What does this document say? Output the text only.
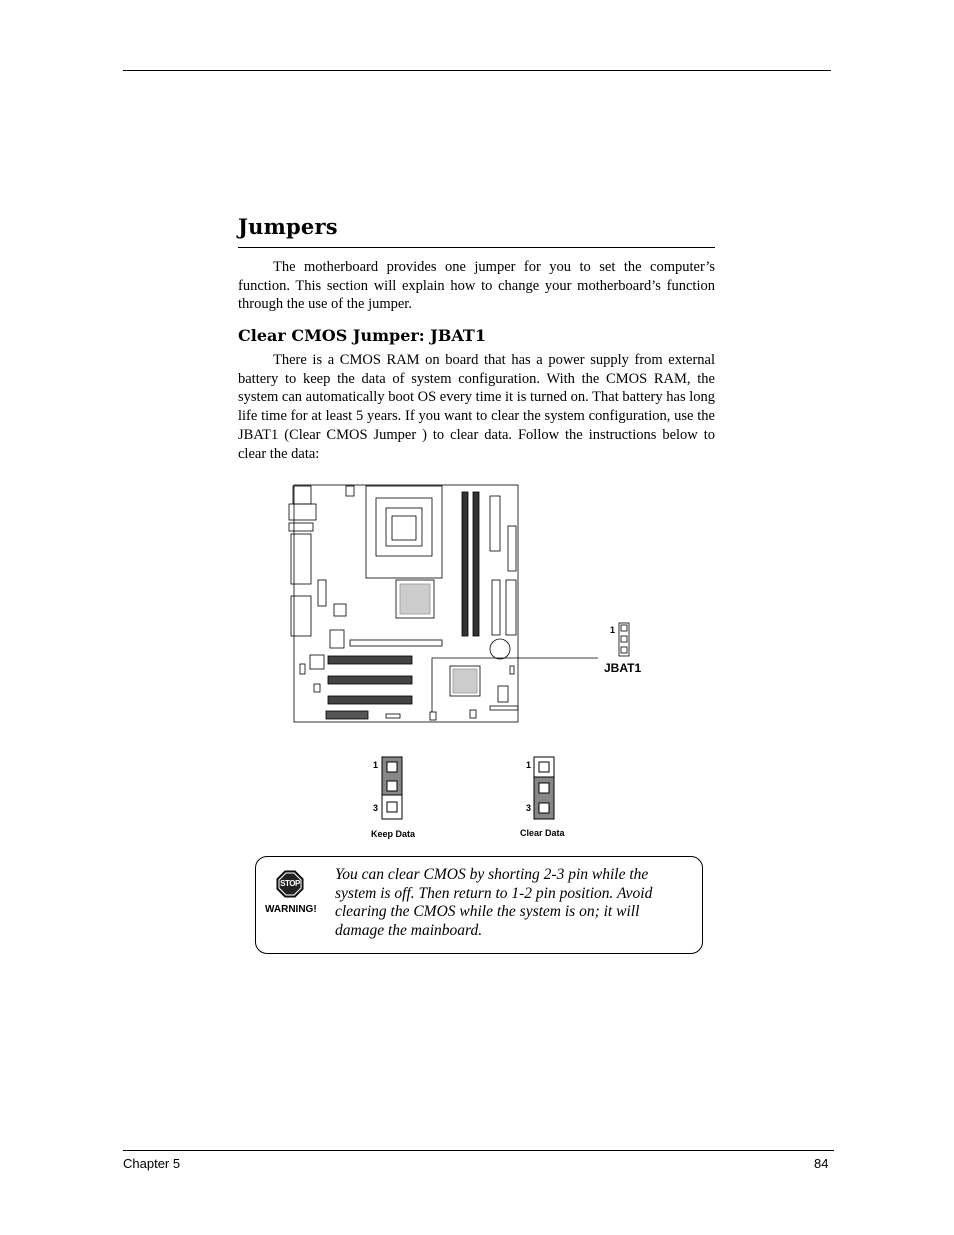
Jumpers

The motherboard provides one jumper for you to set the computer’s function. This section will explain how to change your motherboard’s function through the use of the jumper.

Clear CMOS Jumper: JBAT1

There is a CMOS RAM on board that has a power supply from external battery to keep the data of system configuration. With the CMOS RAM, the system can automatically boot OS every time it is turned on. That battery has long life time for at least 5 years. If you want to clear the system configuration, use the JBAT1 (Clear CMOS Jumper ) to clear data. Follow the instructions below to clear the data:

1
JBAT1
1
3
Keep Data
1
3
Clear Data
STOP
WARNING!
You can clear CMOS by shorting 2-3 pin while the system is off. Then return to 1-2 pin position. Avoid clearing the CMOS while the system is on; it will damage the mainboard.
Chapter 5	84
